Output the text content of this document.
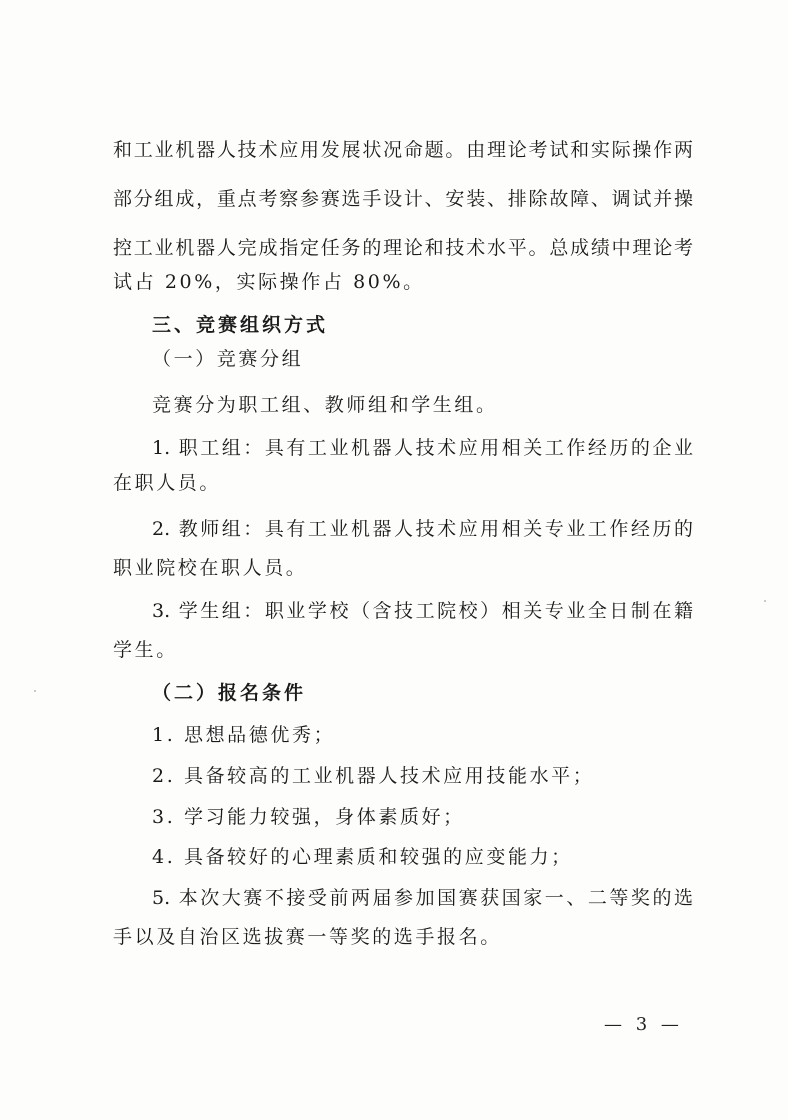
和工业机器人技术应用发展状况命题。由理论考试和实际操作两
部分组成，重点考察参赛选手设计、安装、排除故障、调试并操
控工业机器人完成指定任务的理论和技术水平。总成绩中理论考
试占 20%，实际操作占 80%。
三、竞赛组织方式
（一）竞赛分组
竞赛分为职工组、教师组和学生组。
1. 职工组：具有工业机器人技术应用相关工作经历的企业
在职人员。
2. 教师组：具有工业机器人技术应用相关专业工作经历的
职业院校在职人员。
3. 学生组：职业学校（含技工院校）相关专业全日制在籍
学生。
（二）报名条件
1. 思想品德优秀；
2. 具备较高的工业机器人技术应用技能水平；
3. 学习能力较强，身体素质好；
4. 具备较好的心理素质和较强的应变能力；
5. 本次大赛不接受前两届参加国赛获国家一、二等奖的选
手以及自治区选拔赛一等奖的选手报名。
— 3 —
